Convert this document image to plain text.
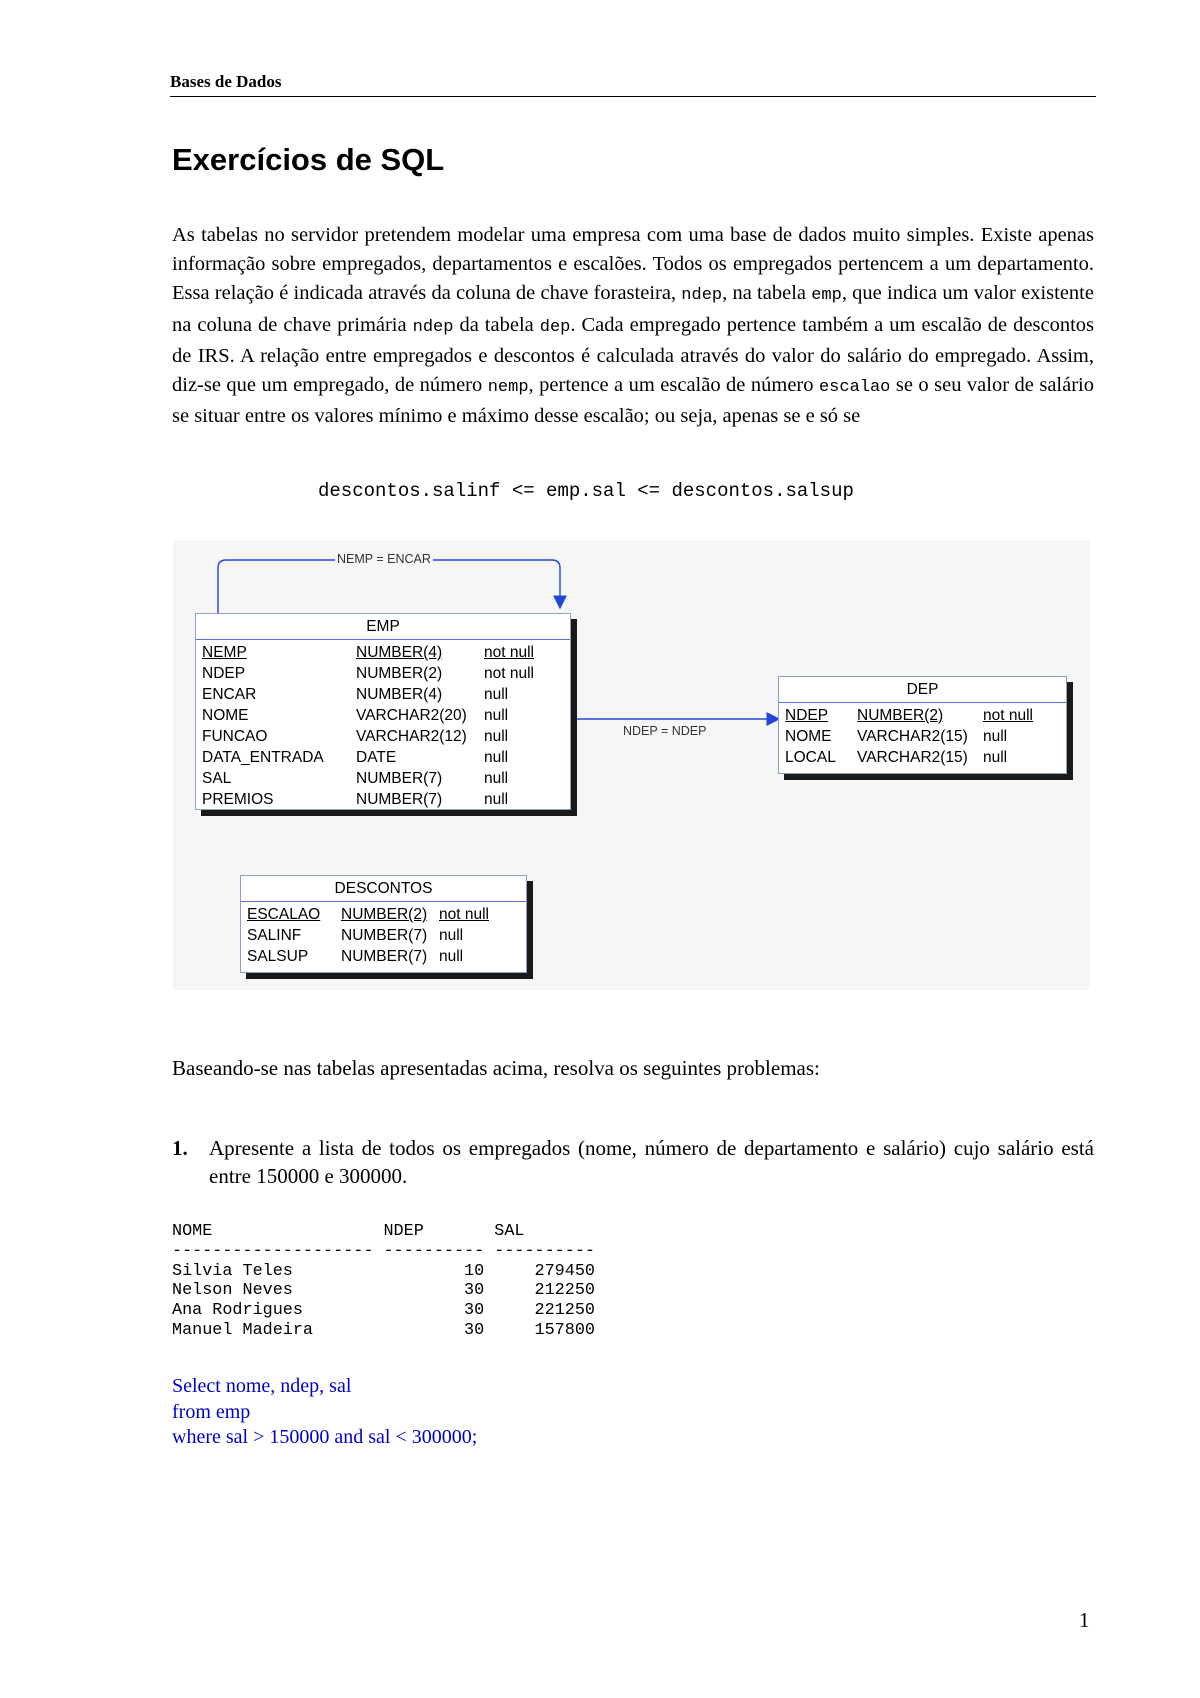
Bases de Dados
Exercícios de SQL

As tabelas no servidor pretendem modelar uma empresa com uma base de dados muito simples. Existe apenas informação sobre empregados, departamentos e escalões. Todos os empregados pertencem a um departamento. Essa relação é indicada através da coluna de chave forasteira, ndep, na tabela emp, que indica um valor existente na coluna de chave primária ndep da tabela dep. Cada empregado pertence também a um escalão de descontos de IRS. A relação entre empregados e descontos é calculada através do valor do salário do empregado. Assim, diz-se que um empregado, de número nemp, pertence a um escalão de número escalao se o seu valor de salário se situar entre os valores mínimo e máximo desse escalão; ou seja, apenas se e só se

descontos.salinf <= emp.sal <= descontos.salsup
NEMP = ENCAR
NDEP = NDEP
EMP
NEMP	NUMBER(4)	not null
NDEP	NUMBER(2)	not null
ENCAR	NUMBER(4)	null
NOME	VARCHAR2(20) null
FUNCAO	VARCHAR2(12) null
DATA_ENTRADA DATE	null
SAL	NUMBER(7)	null
PREMIOS	NUMBER(7)	null
DEP
NDEP NUMBER(2)	not null
NOME VARCHAR2(15) null
LOCAL VARCHAR2(15) null
DESCONTOS
ESCALAO NUMBER(2) not null
SALINF	NUMBER(7) null
SALSUP NUMBER(7) null
Baseando-se nas tabelas apresentadas acima, resolva os seguintes problemas:
1. Apresente a lista de todos os empregados (nome, número de departamento e salário) cujo salário está entre 150000 e 300000.
NOME                 NDEP       SAL
-------------------- ---------- ----------
Silvia Teles                 10     279450
Nelson Neves                 30     212250
Ana Rodrigues                30     221250
Manuel Madeira               30     157800
Select nome, ndep, sal
from emp
where sal > 150000 and sal < 300000;
1
